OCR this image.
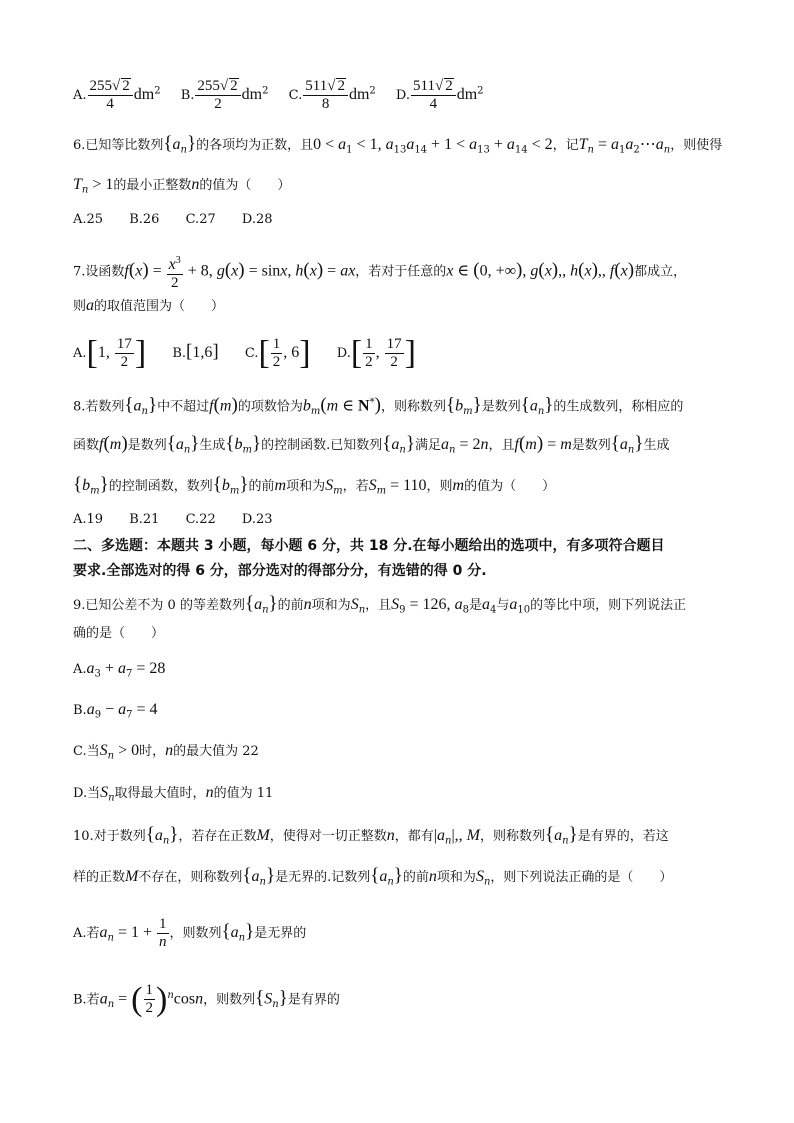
A. $\frac{255√ 2}{4} dm^2$ B. $\frac{255√ 2}{2} dm^2$ C. $\frac{511√ 2}{8} dm^2$ D. $\frac{511√ 2}{4} dm^2$
6.已知等比数列$\{a_n\}$的各项均为正数，且$0 < a_1 < 1$, $a_{13}a_{14} + 1 < a_{13} + a_{14} < 2$，记$T_n$ = $a_1a_2\cdots a_n$，则使得
$T_n > 1$的最小正整数n的值为（　　）
A.25 B.26 C.27 D.28
7.设函数$f(x) = \frac{x^3}{2} + 8$, g(x) = sinx, h(x) = ax，若对于任意的x ∈ (0, +∞), g(x),, h(x),, f(x)都成立，
则a的取值范围为（　　）
A.[1, $\frac{17}{2}$ ] B.[1,6] $C.[ \frac{1}{2}$ , 6] $D.[ \frac{1}{2}$ , $\frac{17}{2}$ ]
8.若数列$\{a_n\}$中不超过f(m)的项数恰为$b_m(m$ ∈ N*)，则称数列$\{b_m\}$是数列$\{a_n\}$的生成数列，称相应的
函数f(m)是数列$\{a_n\}$生成$\{b_m\}$的控制函数.已知数列$\{a_n\}$满足$a_n = 2n$，且f(m) = m是数列$\{a_n\}$生成
$\{b_m\}$的控制函数，数列$\{b_m\}$的前m项和为$S_m$，若$S_m = 110$，则m的值为（　　）
A.19 B.21 C.22 D.23
二、多选题：本题共 3 小题，每小题 6 分，共 18 分.在每小题给出的选项中，有多项符合题目
要求.全部选对的得 6 分，部分选对的得部分分，有选错的得 0 分.
9.已知公差不为 0 的等差数列$\{a_n\}$的前n项和为$S_n$，且$S_9 = 126$, $a_8$是$a_4$与$a_{10}$的等比中项，则下列说法正
确的是（　　）
$A.a_3 + a_7 = 28$
$B.a_9 - a_7 = 4$
C.当$S_n > 0$时，n的最大值为 22
D.当$S_n$取得最大值时，n的值为 11
10.对于数列$\{a_n\}$，若存在正数M，使得对一切正整数n，都有$|a_n|$,, M，则称数列$\{a_n\}$是有界的，若这
样的正数M不存在，则称数列$\{a_n\}$是无界的.记数列$\{a_n\}$的前n项和为$S_n$，则下列说法正确的是（　　）
A.若$a_n = 1 + \frac{1}{n}$ ，则数列$\{a_n\}$是无界的
B.若$a_n$ = ( $\frac{1}{2} )^n\cos n$，则数列$\{S_n\}$是有界的
